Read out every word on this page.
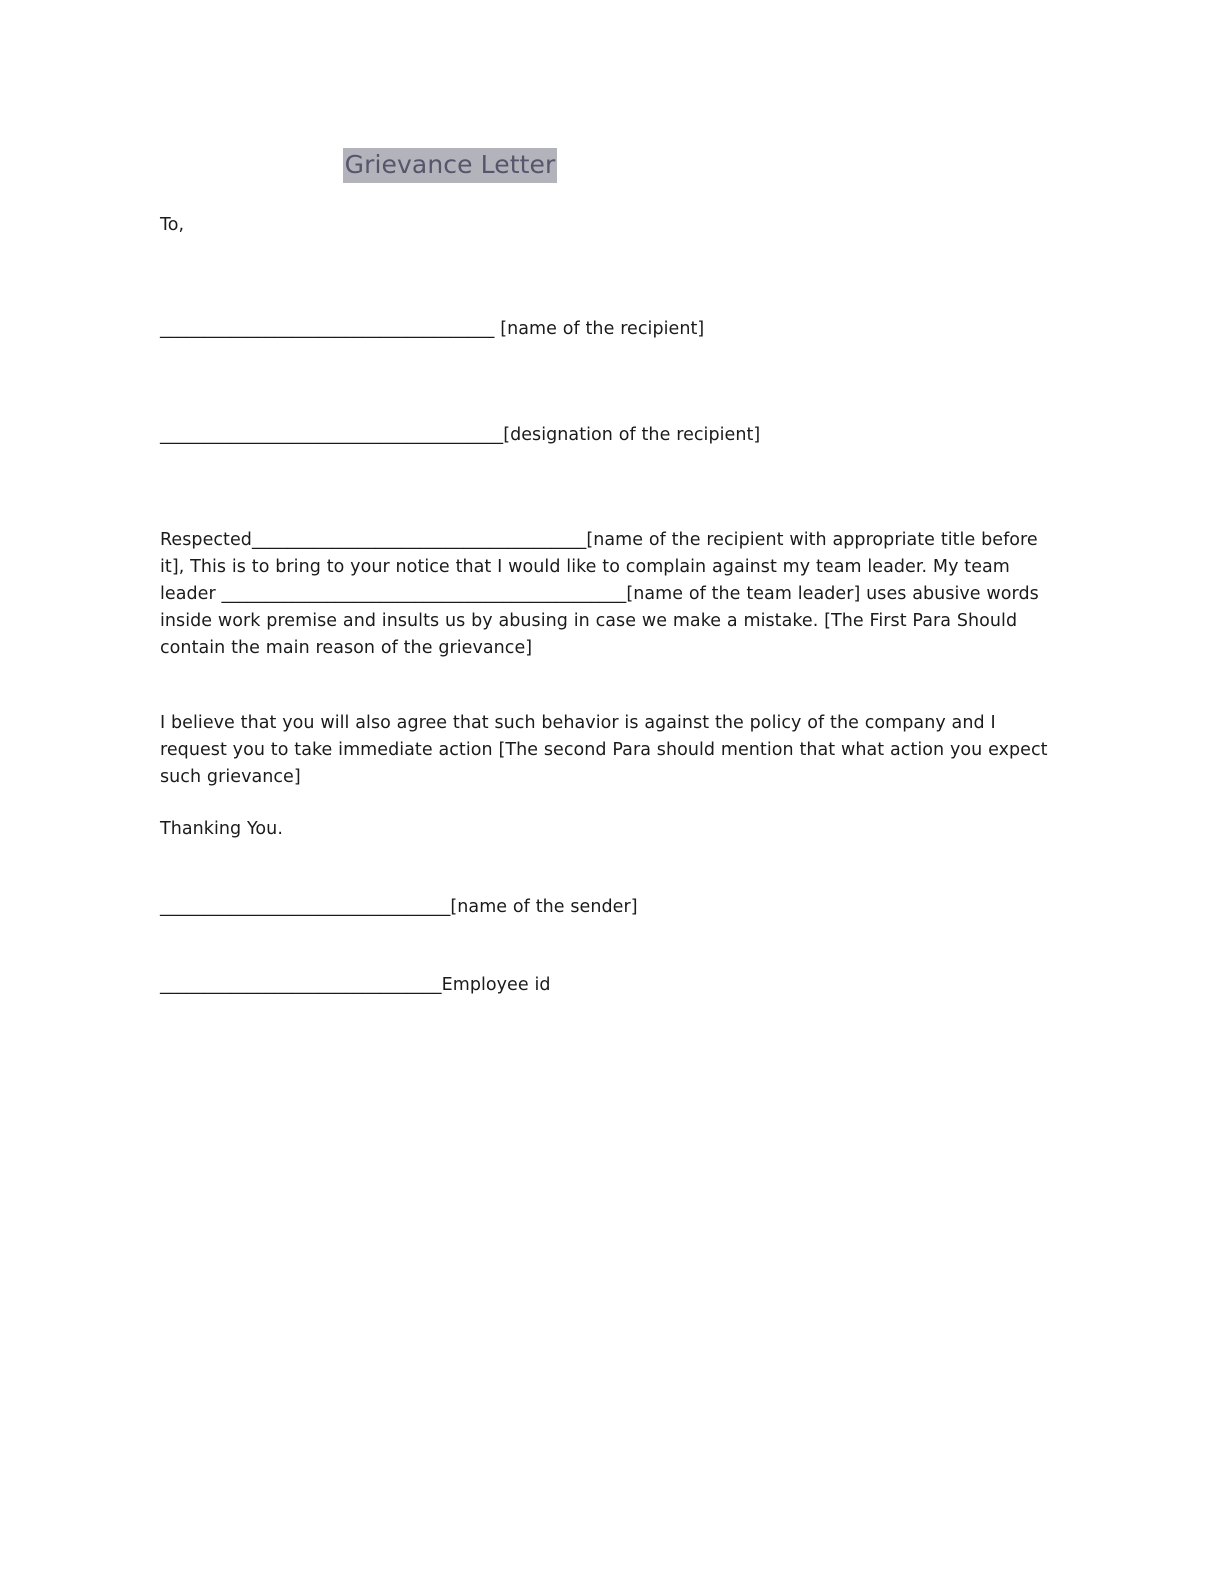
Grievance Letter
To,
______________________________________ [name of the recipient]
_______________________________________[designation of the recipient]
Respected______________________________________[name of the recipient with appropriate title before it], This is to bring to your notice that I would like to complain against my team leader. My team leader ______________________________________________[name of the team leader] uses abusive words inside work premise and insults us by abusing in case we make a mistake. [The First Para Should contain the main reason of the grievance]
I believe that you will also agree that such behavior is against the policy of the company and I request you to take immediate action [The second Para should mention that what action you expect such grievance]
Thanking You.
_________________________________[name of the sender]
________________________________Employee id
